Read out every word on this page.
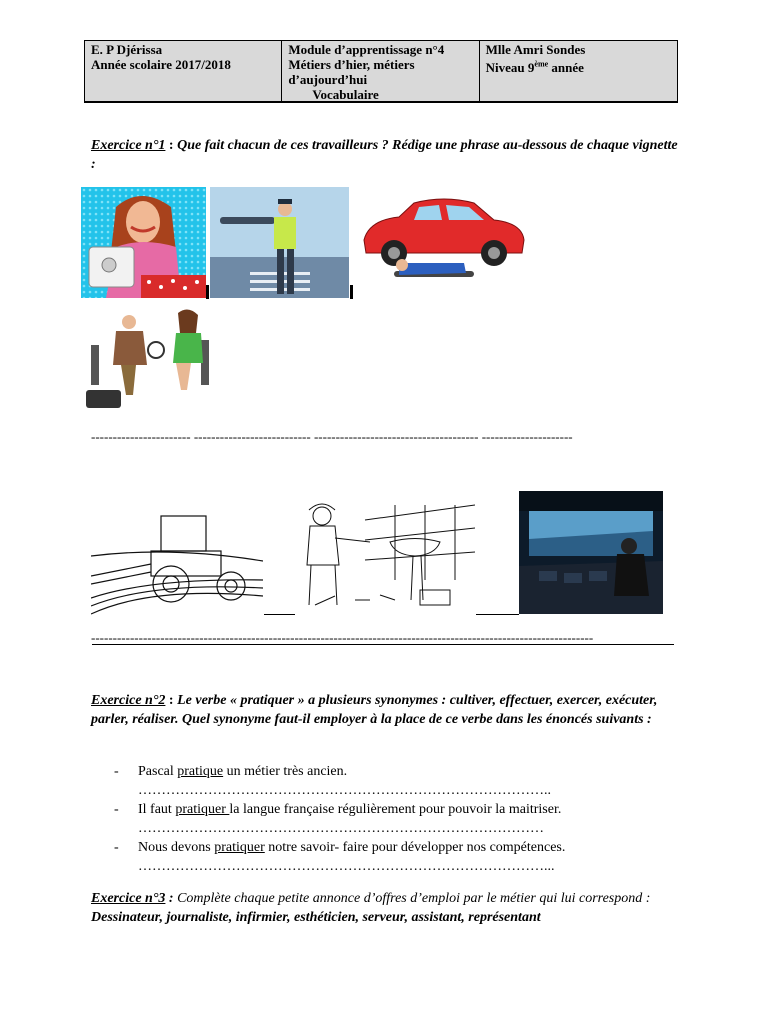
E. P Djérissa
Année scolaire 2017/2018
Module d’apprentissage n°4
Métiers d’hier, métiers
d’aujourd’hui

Vocabulaire
Mlle Amri Sondes
Niveau 9ème année
Exercice n°1 : Que fait chacun de ces travailleurs ? Rédige une phrase au-dessous de chaque vignette :
----------------------- --------------------------- -------------------------------------- ---------------------
--------------------------------------------------------------------------------------------------------------------
Exercice n°2 : Le verbe « pratiquer » a plusieurs synonymes : cultiver, effectuer, exercer, exécuter, parler, réaliser. Quel synonyme faut-il employer à la place de ce verbe dans les énoncés suivants :
- Pascal pratique un métier très ancien.
……………………………………………………………………………..
- Il faut pratiquer la langue française régulièrement pour pouvoir la maitriser.
……………………………………………………………………………
- Nous devons pratiquer notre savoir- faire pour développer nos compétences.
……………………………………………………………………………...
Exercice n°3 : Complète chaque petite annonce d’offres d’emploi par le métier qui lui correspond : Dessinateur, journaliste, infirmier, esthéticien, serveur, assistant, représentant
